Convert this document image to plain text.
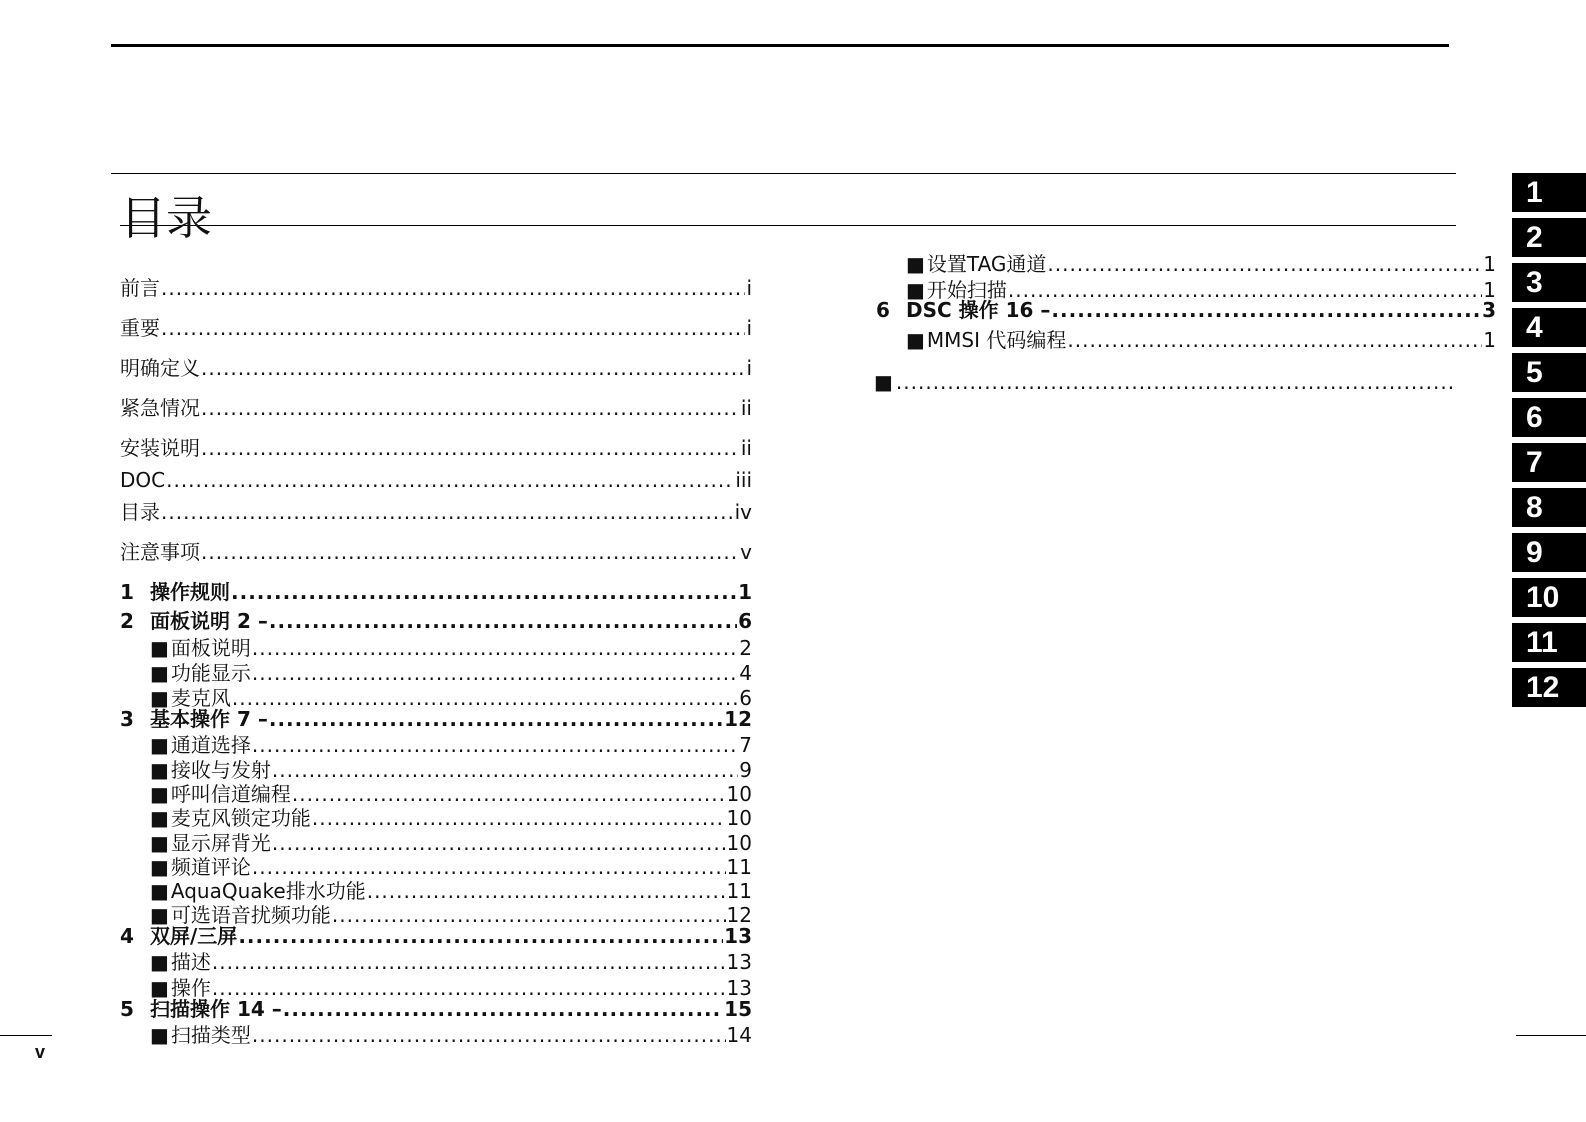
目录
前言 .....	i
重要 .....	i
明确定义 .....	i
紧急情况 .....	ii
安装说明 .....	ii
DOC .....	iii
目录 .....	iv
注意事项 .....	v
1 操作规则 .....	1
2 面板说明 2 – .....	6
■ 面板说明 .....	2
■ 功能显示 .....	4
■ 麦克风 .....	6
3 基本操作 7 – .....	12
■ 通道选择 .....	7
■ 接收与发射 .....	9
■ 呼叫信道编程 .....	10
■ 麦克风锁定功能 .....	10
■ 显示屏背光 .....	10
■ 频道评论 .....	11
■ AquaQuake排水功能 .....	11
■ 可选语音扰频功能 .....	12
4 双屏/三屏 .....	13
■ 描述 .....	13
■ 操作 .....	13
5 扫描操作 14 – .....	15
■ 扫描类型 .....	14
■ 设置TAG通道 .....	1
■ 开始扫描 .....	1
6 DSC 操作 16 – .....	3
■ MMSI 代码编程 .....	1
■
.....
1
2
3
4
5
6
7
8
9
10
11
12
v
